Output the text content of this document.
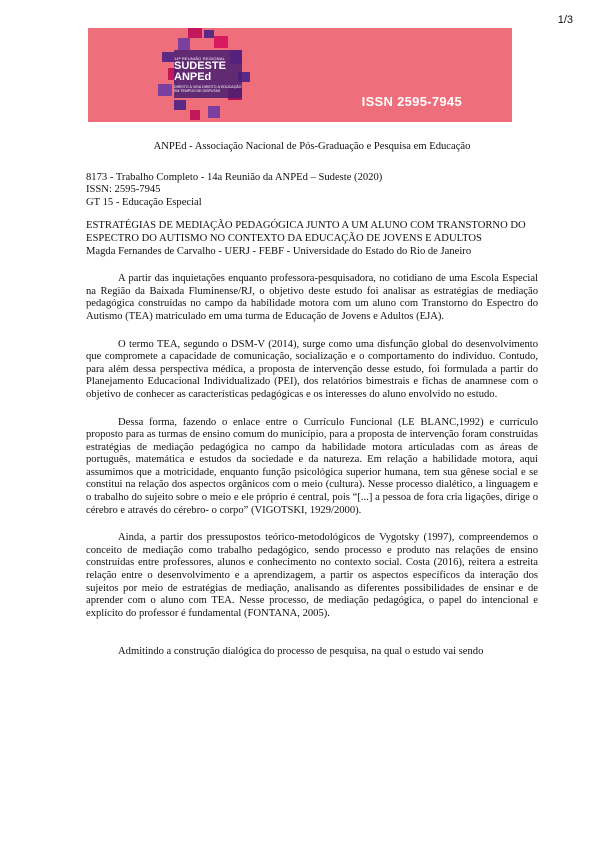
1/3
14ª REUNIÃO REGIONAL
SUDESTE
ANPEd
DIREITO À VIDA DIREITO À EDUCAÇÃO EM TEMPOS DE DISPUTAS
ISSN 2595-7945

ANPEd - Associação Nacional de Pós-Graduação e Pesquisa em Educação

8173 - Trabalho Completo - 14a Reunião da ANPEd – Sudeste (2020)

ISSN: 2595-7945

GT 15 - Educação Especial

ESTRATÉGIAS DE MEDIAÇÃO PEDAGÓGICA JUNTO A UM ALUNO COM TRANSTORNO DO ESPECTRO DO AUTISMO NO CONTEXTO DA EDUCAÇÃO DE JOVENS E ADULTOS

Magda Fernandes de Carvalho - UERJ - FEBF - Universidade do Estado do Rio de Janeiro

A partir das inquietações enquanto professora-pesquisadora, no cotidiano de uma Escola Especial na Região da Baixada Fluminense/RJ, o objetivo deste estudo foi analisar as estratégias de mediação pedagógica construídas no campo da habilidade motora com um aluno com Transtorno do Espectro do Autismo (TEA) matriculado em uma turma de Educação de Jovens e Adultos (EJA).

O termo TEA, segundo o DSM-V (2014), surge como uma disfunção global do desenvolvimento que compromete a capacidade de comunicação, socialização e o comportamento do indivíduo. Contudo, para além dessa perspectiva médica, a proposta de intervenção desse estudo, foi formulada a partir do Planejamento Educacional Individualizado (PEI), dos relatórios bimestrais e fichas de anamnese com o objetivo de conhecer as características pedagógicas e os interesses do aluno envolvido no estudo.

Dessa forma, fazendo o enlace entre o Currículo Funcional (LE BLANC,1992) e currículo proposto para as turmas de ensino comum do município, para a proposta de intervenção foram construídas estratégias de mediação pedagógica no campo da habilidade motora articuladas com as áreas de português, matemática e estudos da sociedade e da natureza. Em relação a habilidade motora, aqui assumimos que a motricidade, enquanto função psicológica superior humana, tem sua gênese social e se constitui na relação dos aspectos orgânicos com o meio (cultura). Nesse processo dialético, a linguagem e o trabalho do sujeito sobre o meio e ele próprio é central, pois “[...] a pessoa de fora cria ligações, dirige o cérebro e através do cérebro- o corpo” (VIGOTSKI, 1929/2000).

Ainda, a partir dos pressupostos teórico-metodológicos de Vygotsky (1997), compreendemos o conceito de mediação como trabalho pedagógico, sendo processo e produto nas relações de ensino construídas entre professores, alunos e conhecimento no contexto social. Costa (2016), reitera a estreita relação entre o desenvolvimento e a aprendizagem, a partir os aspectos específicos da interação dos sujeitos por meio de estratégias de mediação, analisando as diferentes possibilidades de ensinar e de aprender com o aluno com TEA. Nesse processo, de mediação pedagógica, o papel do intencional e explícito do professor é fundamental (FONTANA, 2005).

Admitindo a construção dialógica do processo de pesquisa, na qual o estudo vai sendo
